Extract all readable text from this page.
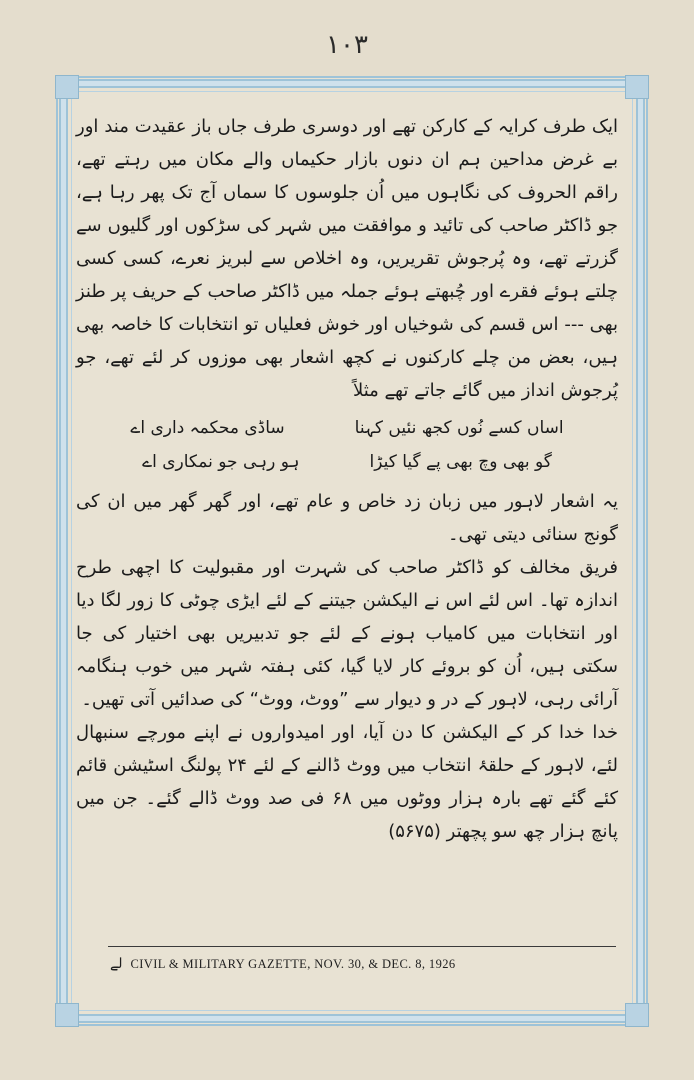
۱۰۳

ایک طرف کرایہ کے کارکن تھے اور دوسری طرف جاں باز عقیدت مند اور بے غرض مداحین ہم ان دنوں بازار حکیماں والے مکان میں رہتے تھے، راقم الحروف کی نگاہوں میں اُن جلوسوں کا سماں آج تک پھر رہا ہے، جو ڈاکٹر صاحب کی تائید و موافقت میں شہر کی سڑکوں اور گلیوں سے گزرتے تھے، وہ پُرجوش تقریریں، وہ اخلاص سے لبریز نعرے، کسی کسی چلتے ہوئے فقرے اور چُبھتے ہوئے جملہ میں ڈاکٹر صاحب کے حریف پر طنز بھی --- اس قسم کی شوخیاں اور خوش فعلیاں تو انتخابات کا خاصہ بھی ہیں، بعض من چلے کارکنوں نے کچھ اشعار بھی موزوں کر لئے تھے، جو پُرجوش انداز میں گائے جاتے تھے مثلاً

اساں کسے نُوں کجھ نئیں کہنا
ساڈی محکمہ داری اے
گو بھی وچ بھی پے گیا کیڑا
ہو رہی جو نمکاری اے

یہ اشعار لاہور میں زبان زد خاص و عام تھے، اور گھر گھر میں ان کی گونج سنائی دیتی تھی۔

فریق مخالف کو ڈاکٹر صاحب کی شہرت اور مقبولیت کا اچھی طرح اندازہ تھا۔ اس لئے اس نے الیکشن جیتنے کے لئے ایڑی چوٹی کا زور لگا دیا اور انتخابات میں کامیاب ہونے کے لئے جو تدبیریں بھی اختیار کی جا سکتی ہیں، اُن کو بروئے کار لایا گیا، کئی ہفتہ شہر میں خوب ہنگامہ آرائی رہی، لاہور کے در و دیوار سے ”ووٹ، ووٹ“ کی صدائیں آتی تھیں۔

خدا خدا کر کے الیکشن کا دن آیا، اور امیدواروں نے اپنے مورچے سنبھال لئے، لاہور کے حلقۂ انتخاب میں ووٹ ڈالنے کے لئے ۲۴ پولنگ اسٹیشن قائم کئے گئے تھے بارہ ہزار ووٹوں میں ۶۸ فی صد ووٹ ڈالے گئے۔ جن میں پانچ ہزار چھ سو پچھتر (۵۶۷۵)

لے CIVIL & MILITARY GAZETTE, NOV. 30, & DEC. 8, 1926
